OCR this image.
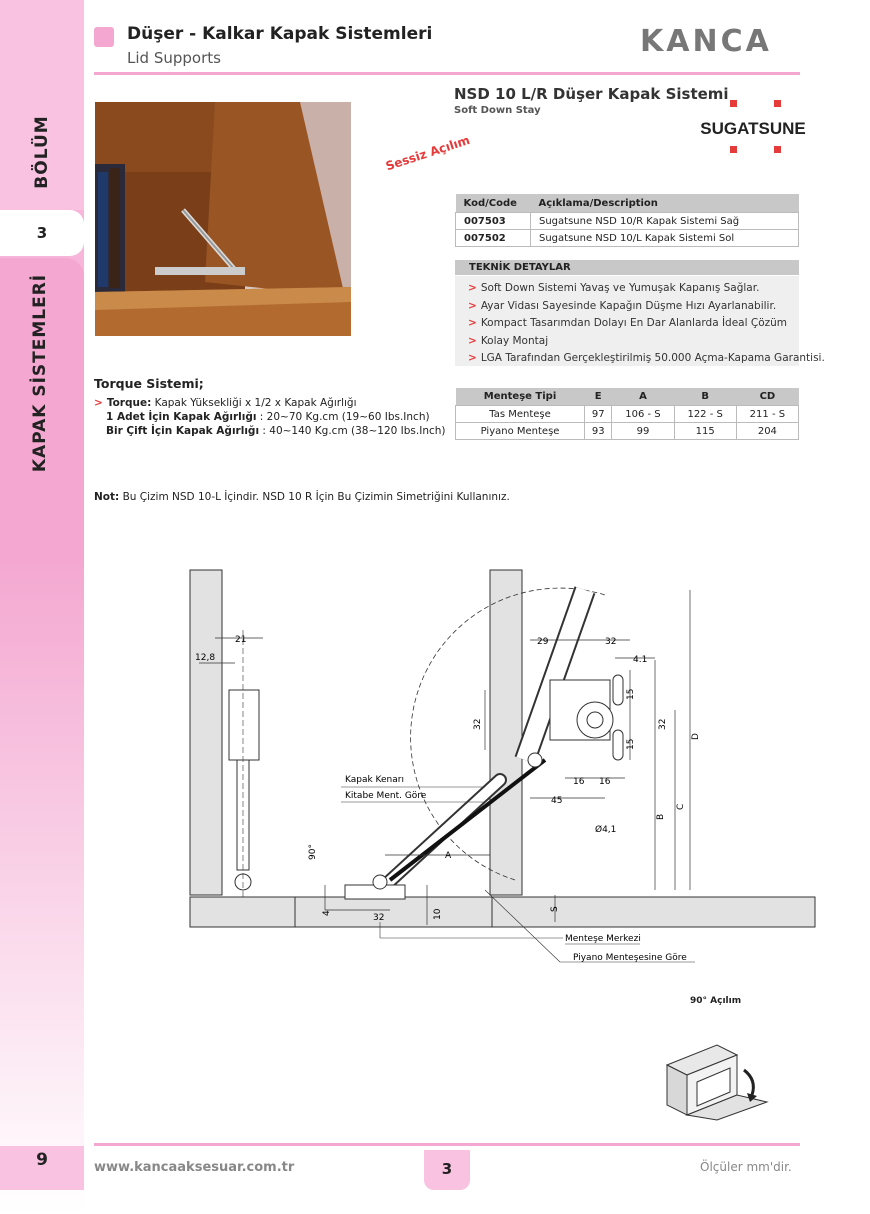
3
BÖLÜM
KAPAK SİSTEMLERİ
Düşer - Kalkar Kapak Sistemleri
Lid Supports	KANCA
NSD 10 L/R Düşer Kapak Sistemi
Soft Down Stay
Sessiz Açılım
SUGATSUNE
Kod/Code	Açıklama/Description
007503	Sugatsune NSD 10/R Kapak Sistemi Sağ
007502	Sugatsune NSD 10/L Kapak Sistemi Sol
TEKNİK DETAYLAR
> Soft Down Sistemi Yavaş ve Yumuşak Kapanış Sağlar.
> Ayar Vidası Sayesinde Kapağın Düşme Hızı Ayarlanabilir.
> Kompact Tasarımdan Dolayı En Dar Alanlarda İdeal Çözüm
> Kolay Montaj
> LGA Tarafından Gerçekleştirilmiş 50.000 Açma-Kapama Garantisi.
Menteşe Tipi	E	A	B	CD
Tas Menteşe	97	106 - S	122 - S	211 - S
Piyano Menteşe	93	99	115	204
Torque Sistemi;
> Torque: Kapak Yüksekliği x 1/2 x Kapak Ağırlığı
1 Adet İçin Kapak Ağırlığı : 20~70 Kg.cm (19~60 Ibs.Inch)
Bir Çift İçin Kapak Ağırlığı : 40~140 Kg.cm (38~120 Ibs.Inch)
Not: Bu Çizim NSD 10-L İçindir. NSD 10 R İçin Bu Çizimin Simetriğini Kullanınız.
21
12,8
29	32
4.1
15
32
15
32
16 16
45
Ø4,1
A
B
C
D
S
90°
4	32	10
Kapak Kenarı
Kitabe Ment. Göre
Menteşe Merkezi
Piyano Menteşesine Göre
90° Açılım
9	www.kancaaksesuar.com.tr	3	Ölçüler mm'dir.
